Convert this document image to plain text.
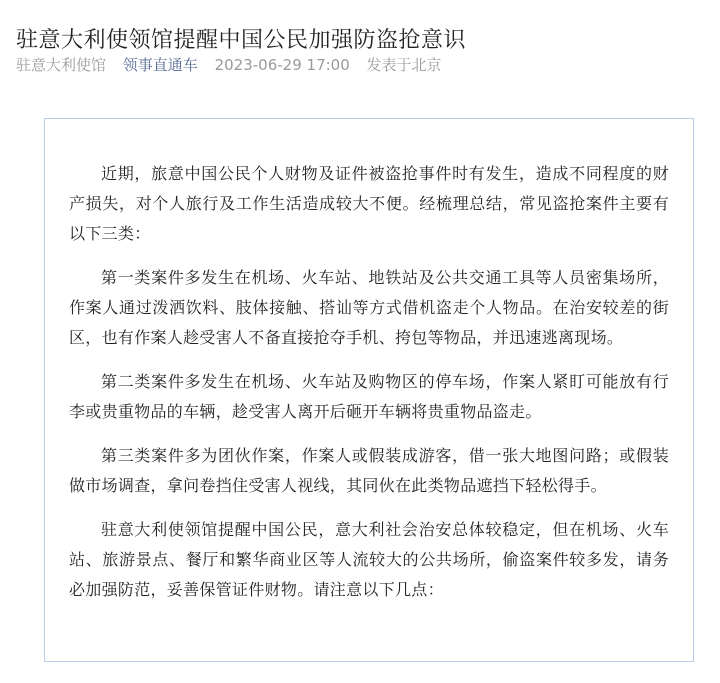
驻意大利使领馆提醒中国公民加强防盗抢意识
驻意大利使馆 领事直通车 2023-06-29 17:00 发表于北京

近期，旅意中国公民个人财物及证件被盗抢事件时有发生，造成不同程度的财产损失，对个人旅行及工作生活造成较大不便。经梳理总结，常见盗抢案件主要有以下三类：

第一类案件多发生在机场、火车站、地铁站及公共交通工具等人员密集场所，作案人通过泼洒饮料、肢体接触、搭讪等方式借机盗走个人物品。在治安较差的街区，也有作案人趁受害人不备直接抢夺手机、挎包等物品，并迅速逃离现场。

第二类案件多发生在机场、火车站及购物区的停车场，作案人紧盯可能放有行李或贵重物品的车辆，趁受害人离开后砸开车辆将贵重物品盗走。

第三类案件多为团伙作案，作案人或假装成游客，借一张大地图问路；或假装做市场调查，拿问卷挡住受害人视线，其同伙在此类物品遮挡下轻松得手。

驻意大利使领馆提醒中国公民，意大利社会治安总体较稳定，但在机场、火车站、旅游景点、餐厅和繁华商业区等人流较大的公共场所，偷盗案件较多发，请务必加强防范，妥善保管证件财物。请注意以下几点：
